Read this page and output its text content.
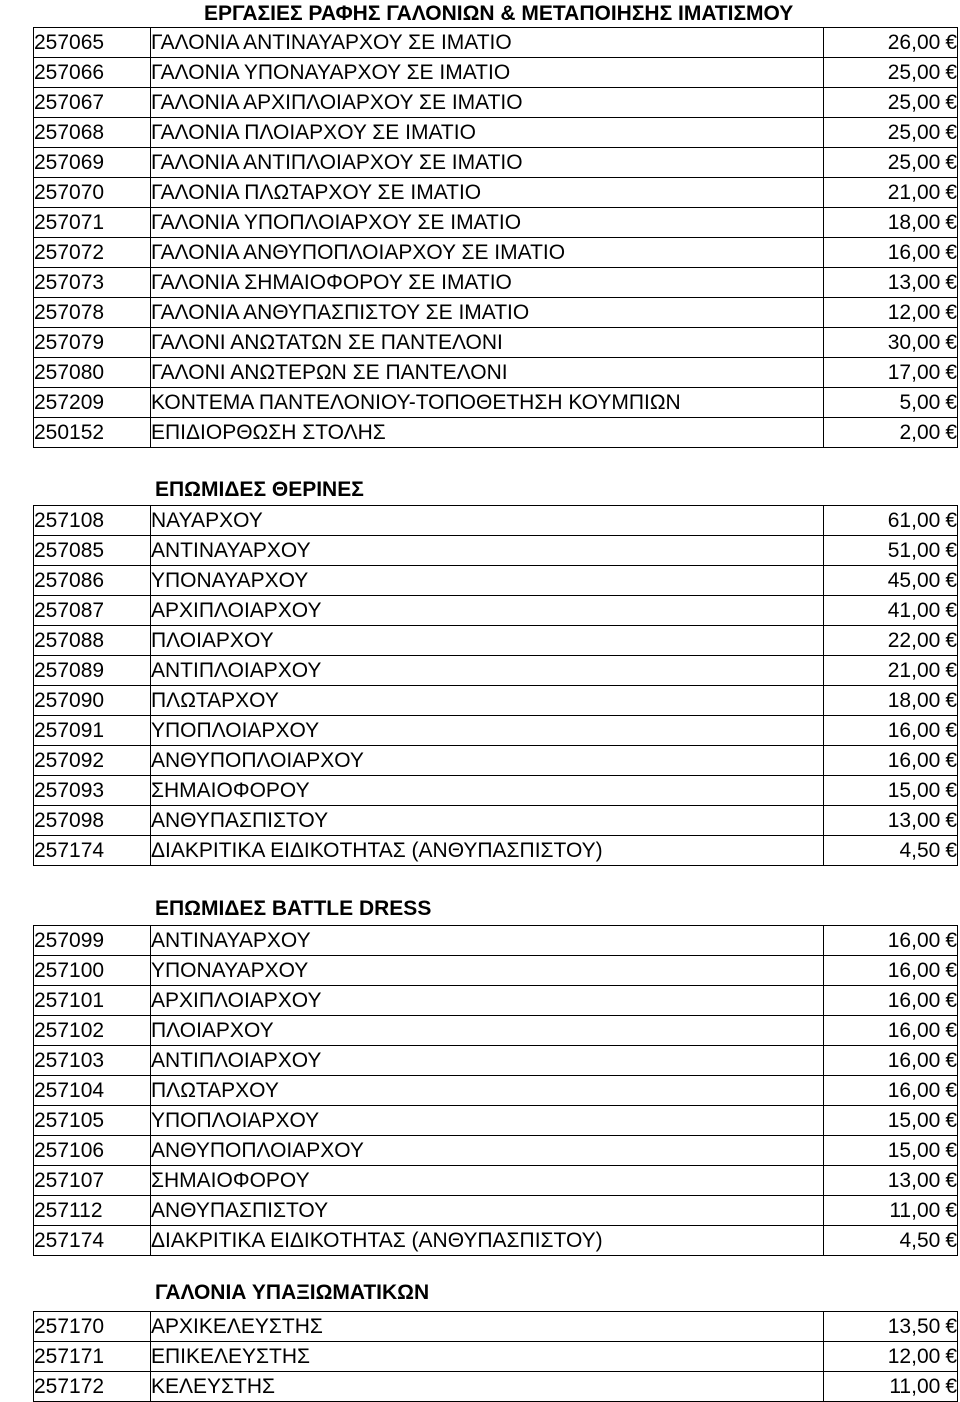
ΕΡΓΑΣΙΕΣ ΡΑΦΗΣ ΓΑΛΟΝΙΩΝ & ΜΕΤΑΠΟΙΗΣΗΣ ΙΜΑΤΙΣΜΟΥ
257065	ΓΑΛΟΝΙΑ ΑΝΤΙΝΑΥΑΡΧΟΥ ΣΕ ΙΜΑΤΙΟ	26,00 €
257066	ΓΑΛΟΝΙΑ ΥΠΟΝΑΥΑΡΧΟΥ ΣΕ ΙΜΑΤΙΟ	25,00 €
257067	ΓΑΛΟΝΙΑ ΑΡΧΙΠΛΟΙΑΡΧΟΥ ΣΕ ΙΜΑΤΙΟ	25,00 €
257068	ΓΑΛΟΝΙΑ ΠΛΟΙΑΡΧΟΥ ΣΕ ΙΜΑΤΙΟ	25,00 €
257069	ΓΑΛΟΝΙΑ ΑΝΤΙΠΛΟΙΑΡΧΟΥ ΣΕ ΙΜΑΤΙΟ	25,00 €
257070	ΓΑΛΟΝΙΑ ΠΛΩΤΑΡΧΟΥ ΣΕ ΙΜΑΤΙΟ	21,00 €
257071	ΓΑΛΟΝΙΑ ΥΠΟΠΛΟΙΑΡΧΟΥ ΣΕ ΙΜΑΤΙΟ	18,00 €
257072	ΓΑΛΟΝΙΑ ΑΝΘΥΠΟΠΛΟΙΑΡΧΟΥ ΣΕ ΙΜΑΤΙΟ	16,00 €
257073	ΓΑΛΟΝΙΑ ΣΗΜΑΙΟΦΟΡΟΥ ΣΕ ΙΜΑΤΙΟ	13,00 €
257078	ΓΑΛΟΝΙΑ ΑΝΘΥΠΑΣΠΙΣΤΟΥ ΣΕ ΙΜΑΤΙΟ	12,00 €
257079	ΓΑΛΟΝΙ ΑΝΩΤΑΤΩΝ ΣΕ ΠΑΝΤΕΛΟΝΙ	30,00 €
257080	ΓΑΛΟΝΙ ΑΝΩΤΕΡΩΝ ΣΕ ΠΑΝΤΕΛΟΝΙ	17,00 €
257209	ΚΟΝΤΕΜΑ ΠΑΝΤΕΛΟΝΙΟΥ-ΤΟΠΟΘΕΤΗΣΗ ΚΟΥΜΠΙΩΝ	5,00 €
250152	ΕΠΙΔΙΟΡΘΩΣΗ ΣΤΟΛΗΣ	2,00 €
ΕΠΩΜΙΔΕΣ ΘΕΡΙΝΕΣ
257108	ΝΑΥΑΡΧΟΥ	61,00 €
257085	ΑΝΤΙΝΑΥΑΡΧΟΥ	51,00 €
257086	ΥΠΟΝΑΥΑΡΧΟΥ	45,00 €
257087	ΑΡΧΙΠΛΟΙΑΡΧΟΥ	41,00 €
257088	ΠΛΟΙΑΡΧΟΥ	22,00 €
257089	ΑΝΤΙΠΛΟΙΑΡΧΟΥ	21,00 €
257090	ΠΛΩΤΑΡΧΟΥ	18,00 €
257091	ΥΠΟΠΛΟΙΑΡΧΟΥ	16,00 €
257092	ΑΝΘΥΠΟΠΛΟΙΑΡΧΟΥ	16,00 €
257093	ΣΗΜΑΙΟΦΟΡΟΥ	15,00 €
257098	ΑΝΘΥΠΑΣΠΙΣΤΟΥ	13,00 €
257174	ΔΙΑΚΡΙΤΙΚΑ ΕΙΔΙΚΟΤΗΤΑΣ (ΑΝΘΥΠΑΣΠΙΣΤΟΥ)	4,50 €
ΕΠΩΜΙΔΕΣ BATTLE DRESS
257099	ΑΝΤΙΝΑΥΑΡΧΟΥ	16,00 €
257100	ΥΠΟΝΑΥΑΡΧΟΥ	16,00 €
257101	ΑΡΧΙΠΛΟΙΑΡΧΟΥ	16,00 €
257102	ΠΛΟΙΑΡΧΟΥ	16,00 €
257103	ΑΝΤΙΠΛΟΙΑΡΧΟΥ	16,00 €
257104	ΠΛΩΤΑΡΧΟΥ	16,00 €
257105	ΥΠΟΠΛΟΙΑΡΧΟΥ	15,00 €
257106	ΑΝΘΥΠΟΠΛΟΙΑΡΧΟΥ	15,00 €
257107	ΣΗΜΑΙΟΦΟΡΟΥ	13,00 €
257112	ΑΝΘΥΠΑΣΠΙΣΤΟΥ	11,00 €
257174	ΔΙΑΚΡΙΤΙΚΑ ΕΙΔΙΚΟΤΗΤΑΣ (ΑΝΘΥΠΑΣΠΙΣΤΟΥ)	4,50 €
ΓΑΛΟΝΙΑ ΥΠΑΞΙΩΜΑΤΙΚΩΝ
257170	ΑΡΧΙΚΕΛΕΥΣΤΗΣ	13,50 €
257171	ΕΠΙΚΕΛΕΥΣΤΗΣ	12,00 €
257172	ΚΕΛΕΥΣΤΗΣ	11,00 €
